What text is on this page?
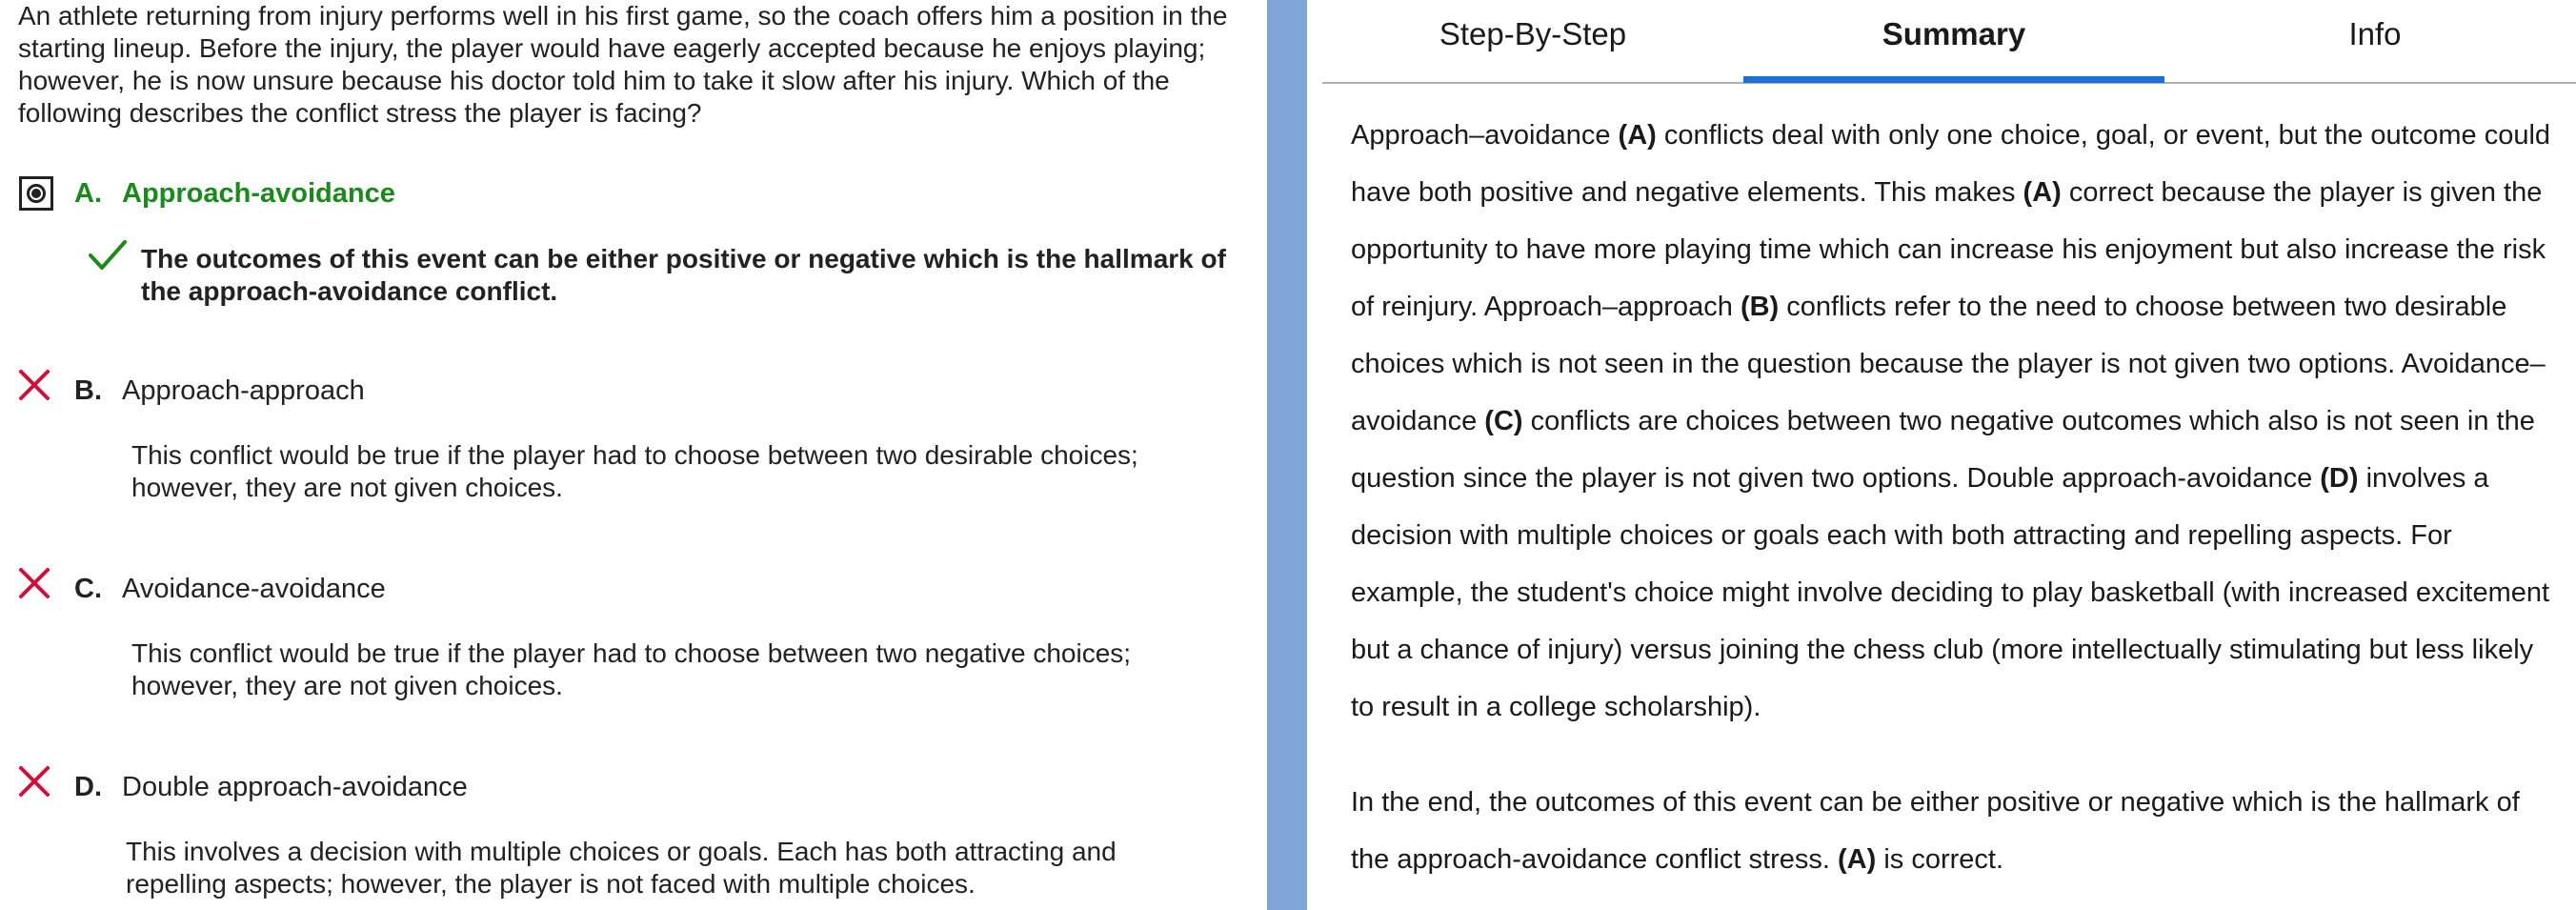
An athlete returning from injury performs well in his first game, so the coach offers him a position in the starting lineup. Before the injury, the player would have eagerly accepted because he enjoys playing; however, he is now unsure because his doctor told him to take it slow after his injury. Which of the following describes the conflict stress the player is facing?
A. Approach-avoidance
The outcomes of this event can be either positive or negative which is the hallmark of the approach-avoidance conflict.
B. Approach-approach
This conflict would be true if the player had to choose between two desirable choices; however, they are not given choices.
C. Avoidance-avoidance
This conflict would be true if the player had to choose between two negative choices; however, they are not given choices.
D. Double approach-avoidance
This involves a decision with multiple choices or goals. Each has both attracting and repelling aspects; however, the player is not faced with multiple choices.
Step-By-Step	Summary	Info

Approach–avoidance (A) conflicts deal with only one choice, goal, or event, but the outcome could have both positive and negative elements. This makes (A) correct because the player is given the opportunity to have more playing time which can increase his enjoyment but also increase the risk of reinjury. Approach–approach (B) conflicts refer to the need to choose between two desirable choices which is not seen in the question because the player is not given two options. Avoidance–avoidance (C) conflicts are choices between two negative outcomes which also is not seen in the question since the player is not given two options. Double approach-avoidance (D) involves a decision with multiple choices or goals each with both attracting and repelling aspects. For example, the student's choice might involve deciding to play basketball (with increased excitement but a chance of injury) versus joining the chess club (more intellectually stimulating but less likely to result in a college scholarship).

In the end, the outcomes of this event can be either positive or negative which is the hallmark of the approach-avoidance conflict stress. (A) is correct.
